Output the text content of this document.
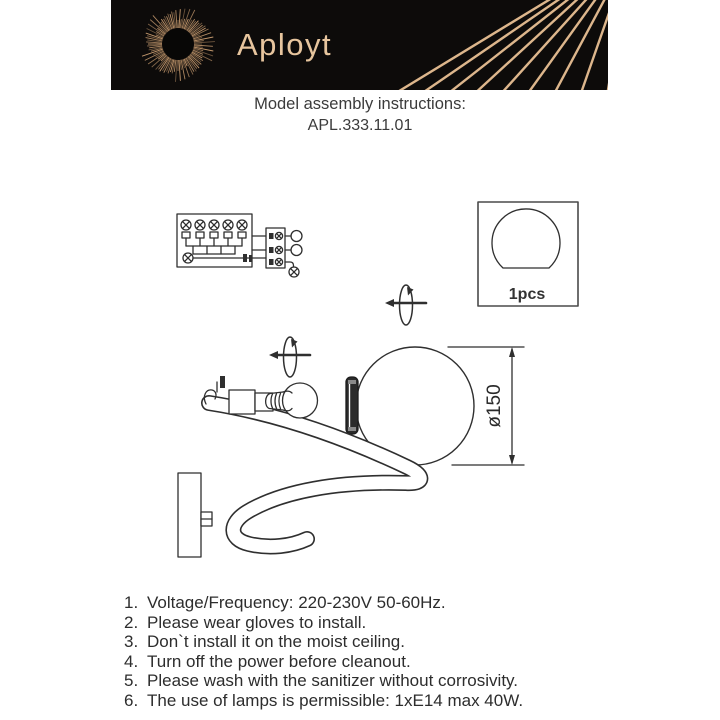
Aployt
Model assembly instructions:
APL.333.11.01
1pcs
ø150
1. Voltage/Frequency: 220-230V 50-60Hz.
2. Please wear gloves to install.
3. Don`t install it on the moist ceiling.
4. Turn off the power before cleanout.
5. Please wash with the sanitizer without corrosivity.
6. The use of lamps is permissible: 1xE14 max 40W.
